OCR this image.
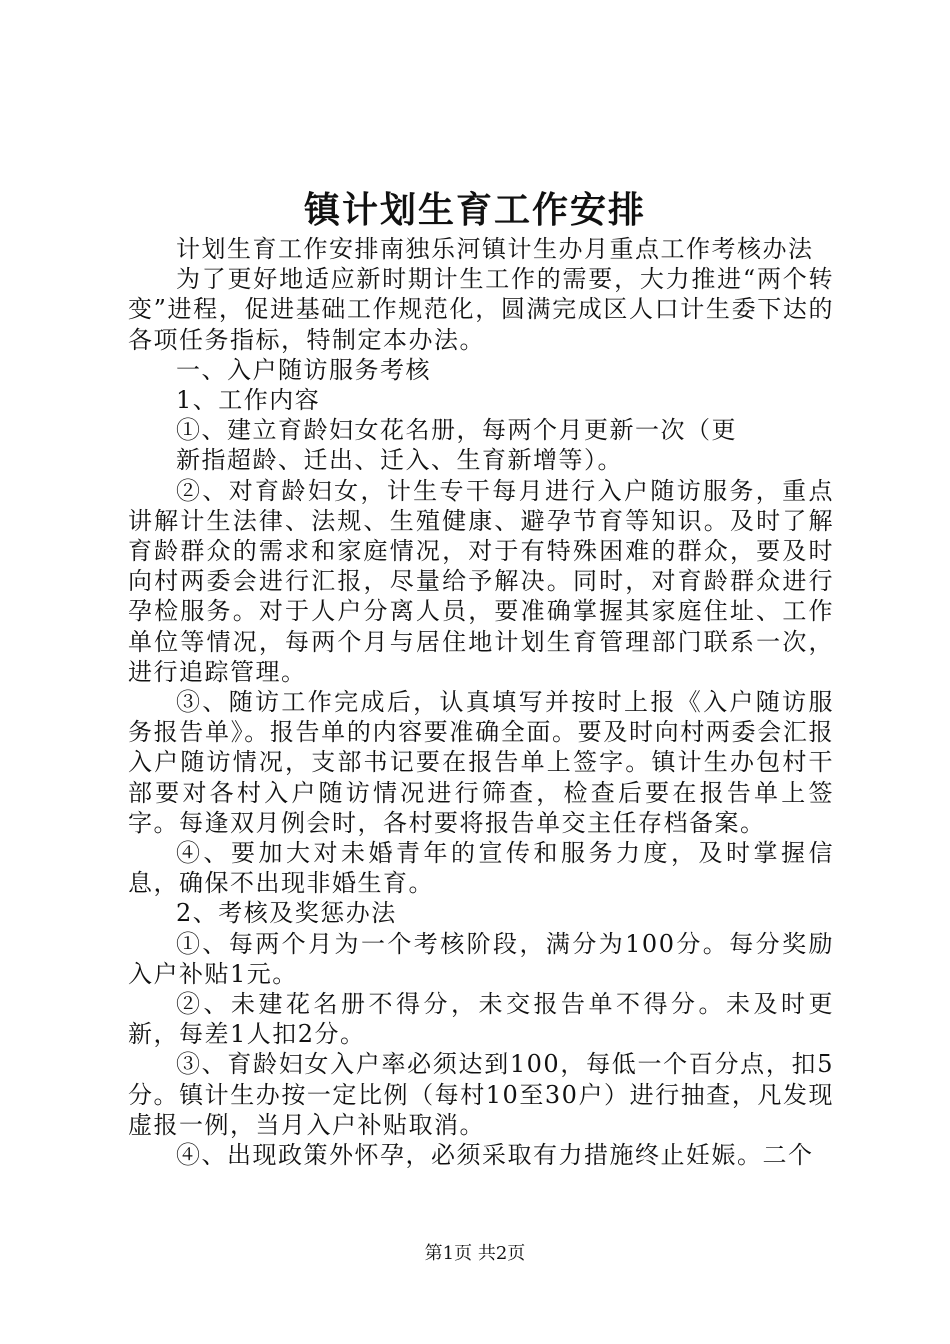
镇计划生育工作安排

计划生育工作安排南独乐河镇计生办月重点工作考核办法

为了更好地适应新时期计生工作的需要，大力推进“两个转变”进程，促进基础工作规范化，圆满完成区人口计生委下达的各项任务指标，特制定本办法。

一、入户随访服务考核

1、工作内容

①、建立育龄妇女花名册，每两个月更新一次（更

新指超龄、迁出、迁入、生育新增等）。

②、对育龄妇女，计生专干每月进行入户随访服务，重点讲解计生法律、法规、生殖健康、避孕节育等知识。及时了解育龄群众的需求和家庭情况，对于有特殊困难的群众，要及时向村两委会进行汇报，尽量给予解决。同时，对育龄群众进行孕检服务。对于人户分离人员，要准确掌握其家庭住址、工作单位等情况，每两个月与居住地计划生育管理部门联系一次，进行追踪管理。

③、随访工作完成后，认真填写并按时上报《入户随访服务报告单》。报告单的内容要准确全面。要及时向村两委会汇报入户随访情况，支部书记要在报告单上签字。镇计生办包村干部要对各村入户随访情况进行筛查，检查后要在报告单上签字。每逢双月例会时，各村要将报告单交主任存档备案。

④、要加大对未婚青年的宣传和服务力度，及时掌握信息，确保不出现非婚生育。

2、考核及奖惩办法

①、每两个月为一个考核阶段，满分为100分。每分奖励入户补贴1元。

②、未建花名册不得分，未交报告单不得分。未及时更新，每差1人扣2分。

③、育龄妇女入户率必须达到100，每低一个百分点，扣5分。镇计生办按一定比例（每村10至30户）进行抽查，凡发现虚报一例，当月入户补贴取消。

④、出现政策外怀孕，必须采取有力措施终止妊娠。二个

第1页 共2页
